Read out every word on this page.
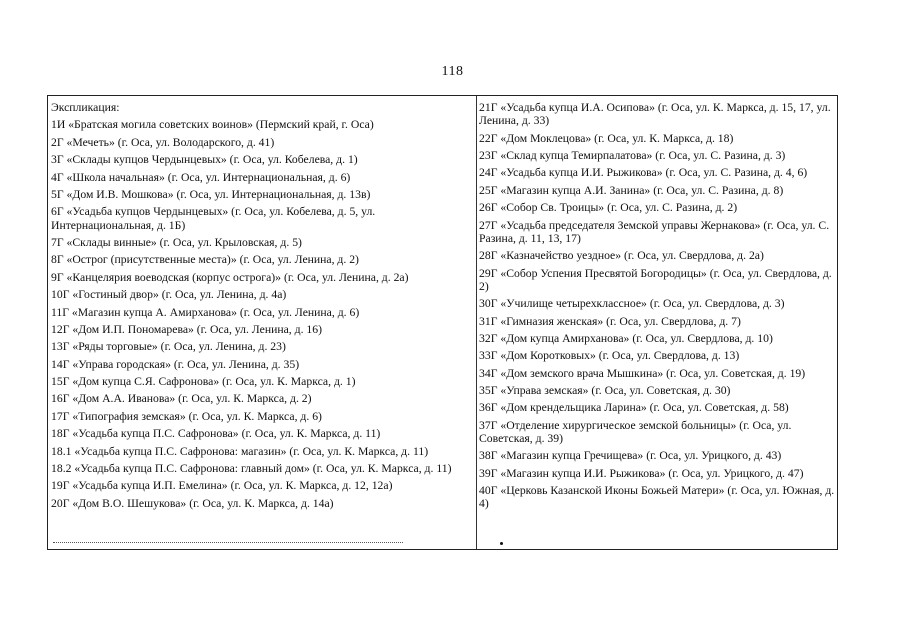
118
Экспликация:
1И «Братская могила советских воинов» (Пермский край, г. Оса)
2Г «Мечеть» (г. Оса, ул. Володарского, д. 41)
3Г «Склады купцов Чердынцевых» (г. Оса, ул. Кобелева, д. 1)
4Г «Школа начальная» (г. Оса, ул. Интернациональная, д. 6)
5Г «Дом И.В. Мошкова» (г. Оса, ул. Интернациональная, д. 13в)
6Г «Усадьба купцов Чердынцевых» (г. Оса, ул. Кобелева, д. 5, ул. Интернациональная, д. 1Б)
7Г «Склады винные» (г. Оса, ул. Крыловская, д. 5)
8Г «Острог (присутственные места)» (г. Оса, ул. Ленина, д. 2)
9Г «Канцелярия воеводская (корпус острога)» (г. Оса, ул. Ленина, д. 2а)
10Г «Гостиный двор» (г. Оса, ул. Ленина, д. 4а)
11Г «Магазин купца А. Амирханова» (г. Оса, ул. Ленина, д. 6)
12Г «Дом И.П. Пономарева» (г. Оса, ул. Ленина, д. 16)
13Г «Ряды торговые» (г. Оса, ул. Ленина, д. 23)
14Г «Управа городская» (г. Оса, ул. Ленина, д. 35)
15Г «Дом купца С.Я. Сафронова» (г. Оса, ул. К. Маркса, д. 1)
16Г «Дом А.А. Иванова» (г. Оса, ул. К. Маркса, д. 2)
17Г «Типография земская» (г. Оса, ул. К. Маркса, д. 6)
18Г «Усадьба купца П.С. Сафронова» (г. Оса, ул. К. Маркса, д. 11)
18.1 «Усадьба купца П.С. Сафронова: магазин» (г. Оса, ул. К. Маркса, д. 11)
18.2 «Усадьба купца П.С. Сафронова: главный дом» (г. Оса, ул. К. Маркса, д. 11)
19Г «Усадьба купца И.П. Емелина» (г. Оса, ул. К. Маркса, д. 12, 12а)
20Г «Дом В.О. Шешукова» (г. Оса, ул. К. Маркса, д. 14а)
21Г «Усадьба купца И.А. Осипова» (г. Оса, ул. К. Маркса, д. 15, 17, ул. Ленина, д. 33)
22Г «Дом Моклецова» (г. Оса, ул. К. Маркса, д. 18)
23Г «Склад купца Темирпалатова» (г. Оса, ул. С. Разина, д. 3)
24Г «Усадьба купца И.И. Рыжикова» (г. Оса, ул. С. Разина, д. 4, 6)
25Г «Магазин купца А.И. Занина» (г. Оса, ул. С. Разина, д. 8)
26Г «Собор Св. Троицы» (г. Оса, ул. С. Разина, д. 2)
27Г «Усадьба председателя Земской управы Жернакова» (г. Оса, ул. С. Разина, д. 11, 13, 17)
28Г «Казначейство уездное» (г. Оса, ул. Свердлова, д. 2а)
29Г «Собор Успения Пресвятой Богородицы» (г. Оса, ул. Свердлова, д. 2)
30Г «Училище четырехклассное» (г. Оса, ул. Свердлова, д. 3)
31Г «Гимназия женская» (г. Оса, ул. Свердлова, д. 7)
32Г «Дом купца Амирханова» (г. Оса, ул. Свердлова, д. 10)
33Г «Дом Коротковых» (г. Оса, ул. Свердлова, д. 13)
34Г «Дом земского врача Мышкина» (г. Оса, ул. Советская, д. 19)
35Г «Управа земская» (г. Оса, ул. Советская, д. 30)
36Г «Дом крендельщика Ларина» (г. Оса, ул. Советская, д. 58)
37Г «Отделение хирургическое земской больницы» (г. Оса, ул. Советская, д. 39)
38Г «Магазин купца Гречищева» (г. Оса, ул. Урицкого, д. 43)
39Г «Магазин купца И.И. Рыжикова» (г. Оса, ул. Урицкого, д. 47)
40Г «Церковь Казанской Иконы Божьей Матери» (г. Оса, ул. Южная, д. 4)
